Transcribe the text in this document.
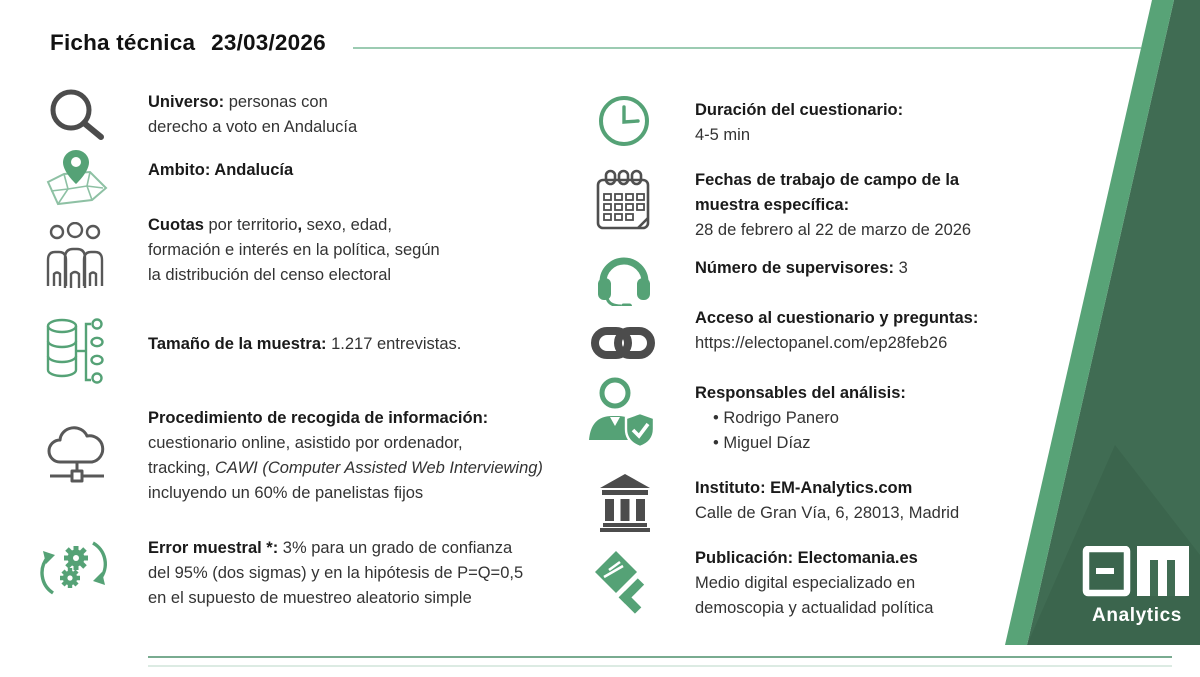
Ficha técnica 23/03/2026
Universo: personas con
derecho a voto en Andalucía
Ambito: Andalucía
Cuotas por territorio, sexo, edad,
formación e interés en la política, según
la distribución del censo electoral
Tamaño de la muestra: 1.217 entrevistas.
Procedimiento de recogida de información:
cuestionario online, asistido por ordenador,
tracking, CAWI (Computer Assisted Web Interviewing)
incluyendo un 60% de panelistas fijos
Error muestral *: 3% para un grado de confianza
del 95% (dos sigmas) y en la hipótesis de P=Q=0,5
en el supuesto de muestreo aleatorio simple
Duración del cuestionario:
4-5 min
Fechas de trabajo de campo de la
muestra específica:
28 de febrero al 22 de marzo de 2026
Número de supervisores: 3
Acceso al cuestionario y preguntas:
https://electopanel.com/ep28feb26
Responsables del análisis:
• Rodrigo Panero
• Miguel Díaz
Instituto: EM-Analytics.com
Calle de Gran Vía, 6, 28013, Madrid
Publicación: Electomania.es
Medio digital especializado en
demoscopia y actualidad política	Analytics
